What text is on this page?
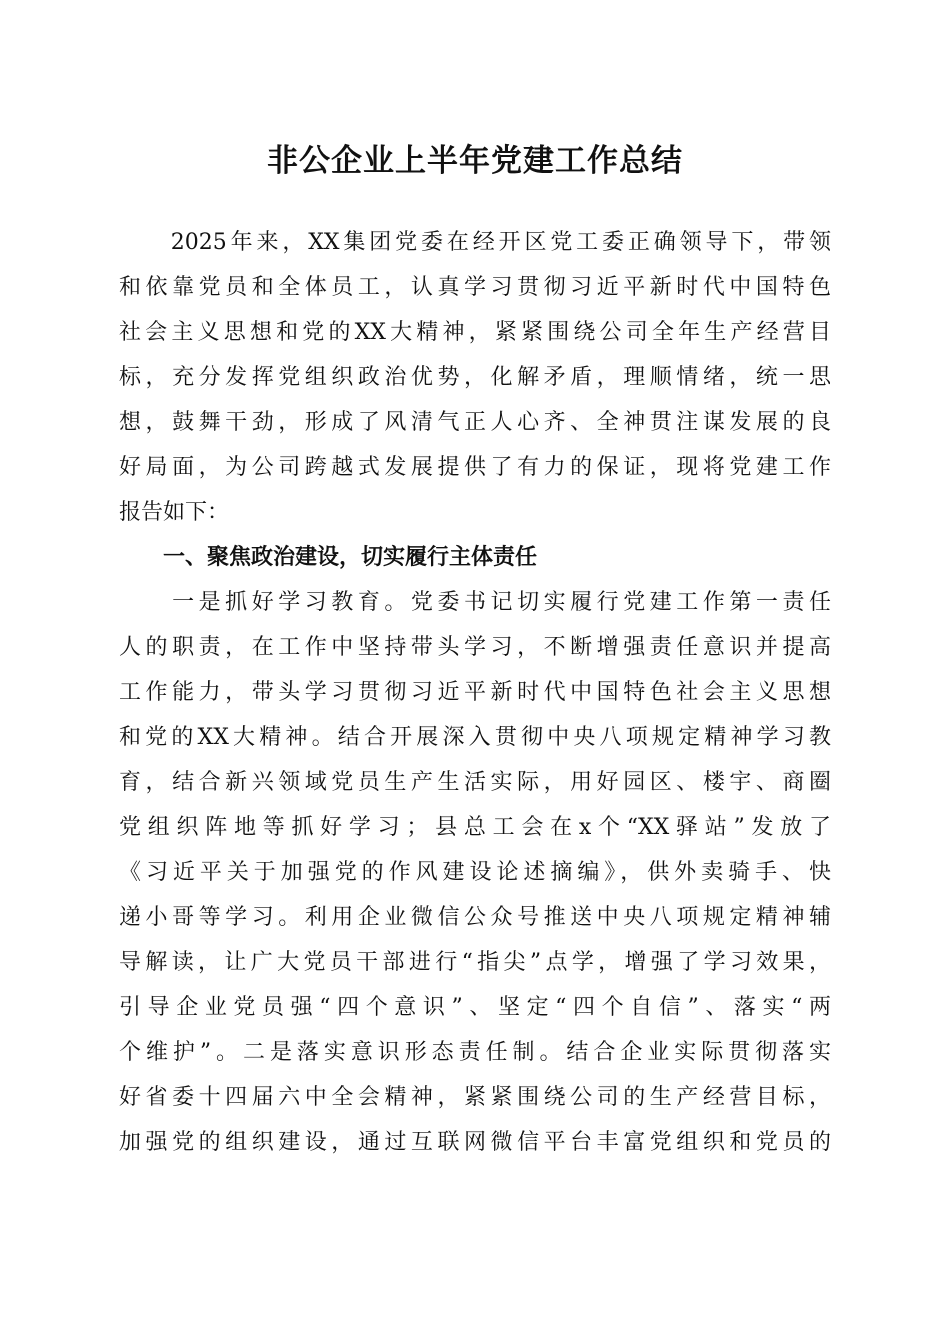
非公企业上半年党建工作总结

　　2025年来，XX集团党委在经开区党工委正确领导下，带领

和依靠党员和全体员工，认真学习贯彻习近平新时代中国特色

社会主义思想和党的XX大精神，紧紧围绕公司全年生产经营目

标，充分发挥党组织政治优势，化解矛盾，理顺情绪，统一思

想，鼓舞干劲，形成了风清气正人心齐、全神贯注谋发展的良

好局面，为公司跨越式发展提供了有力的保证，现将党建工作

报告如下：

　　一、聚焦政治建设，切实履行主体责任

　　一是抓好学习教育。党委书记切实履行党建工作第一责任

人的职责，在工作中坚持带头学习，不断增强责任意识并提高

工作能力，带头学习贯彻习近平新时代中国特色社会主义思想

和党的XX大精神。结合开展深入贯彻中央八项规定精神学习教

育，结合新兴领域党员生产生活实际，用好园区、楼宇、商圈

党组织阵地等抓好学习；县总工会在x个“XX驿站”发放了

《习近平关于加强党的作风建设论述摘编》，供外卖骑手、快

递小哥等学习。利用企业微信公众号推送中央八项规定精神辅

导解读，让广大党员干部进行“指尖”点学，增强了学习效果，

引导企业党员强“四个意识”、坚定“四个自信”、落实“两

个维护”。二是落实意识形态责任制。结合企业实际贯彻落实

好省委十四届六中全会精神，紧紧围绕公司的生产经营目标，

加强党的组织建设，通过互联网微信平台丰富党组织和党员的
